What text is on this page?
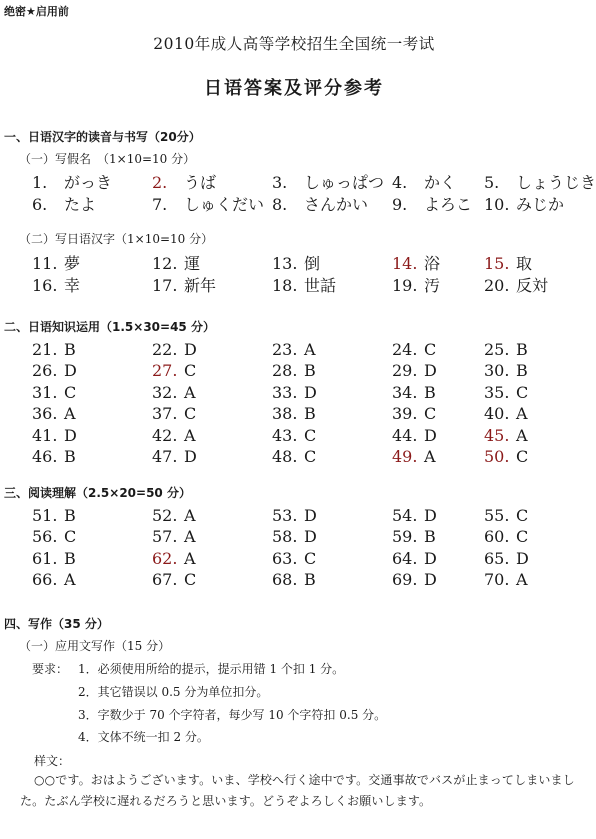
绝密★启用前
2010年成人高等学校招生全国统一考试
日语答案及评分参考
一、日语汉字的读音与书写（20分）
（一）写假名　（1×10=10 分）
1. がっき 2. うば	3. しゅっぱつ 4. かく 5. しょうじき
6. たよ	7. しゅくだい 8. さんかい 9. よろこ 10. みじか
（二）写日语汉字（1×10=10 分）
11. 夢	12. 運	13. 倒	14. 浴	15. 取
16. 幸	17. 新年	18. 世話	19. 汚	20. 反対
二、日语知识运用（1.5×30=45 分）
21. B	22. D	23. A	24. C	25. B
26. D	27. C	28. B	29. D	30. B
31. C	32. A	33. D	34. B	35. C
36. A	37. C	38. B	39. C	40. A
41. D	42. A	43. C	44. D	45. A
46. B	47. D	48. C	49. A	50. C
三、阅读理解（2.5×20=50 分）
51. B	52. A	53. D	54. D	55. C
56. C	57. A	58. D	59. B	60. C
61. B	62. A	63. C	64. D	65. D
66. A	67. C	68. B	69. D	70. A
四、写作（35 分）
（一）应用文写作（15 分）
要求： 1．必须使用所给的提示，提示用错 1 个扣 1 分。
2．其它错误以 0.5 分为单位扣分。
3．字数少于 70 个字符者，每少写 10 个字符扣 0.5 分。
4．文体不统一扣 2 分。
样文：
○○です。おはようございます。いま、学校へ行く途中です。交通事故でバスが止まってしまいました。たぶん学校に遅れるだろうと思います。どうぞよろしくお願いします。
